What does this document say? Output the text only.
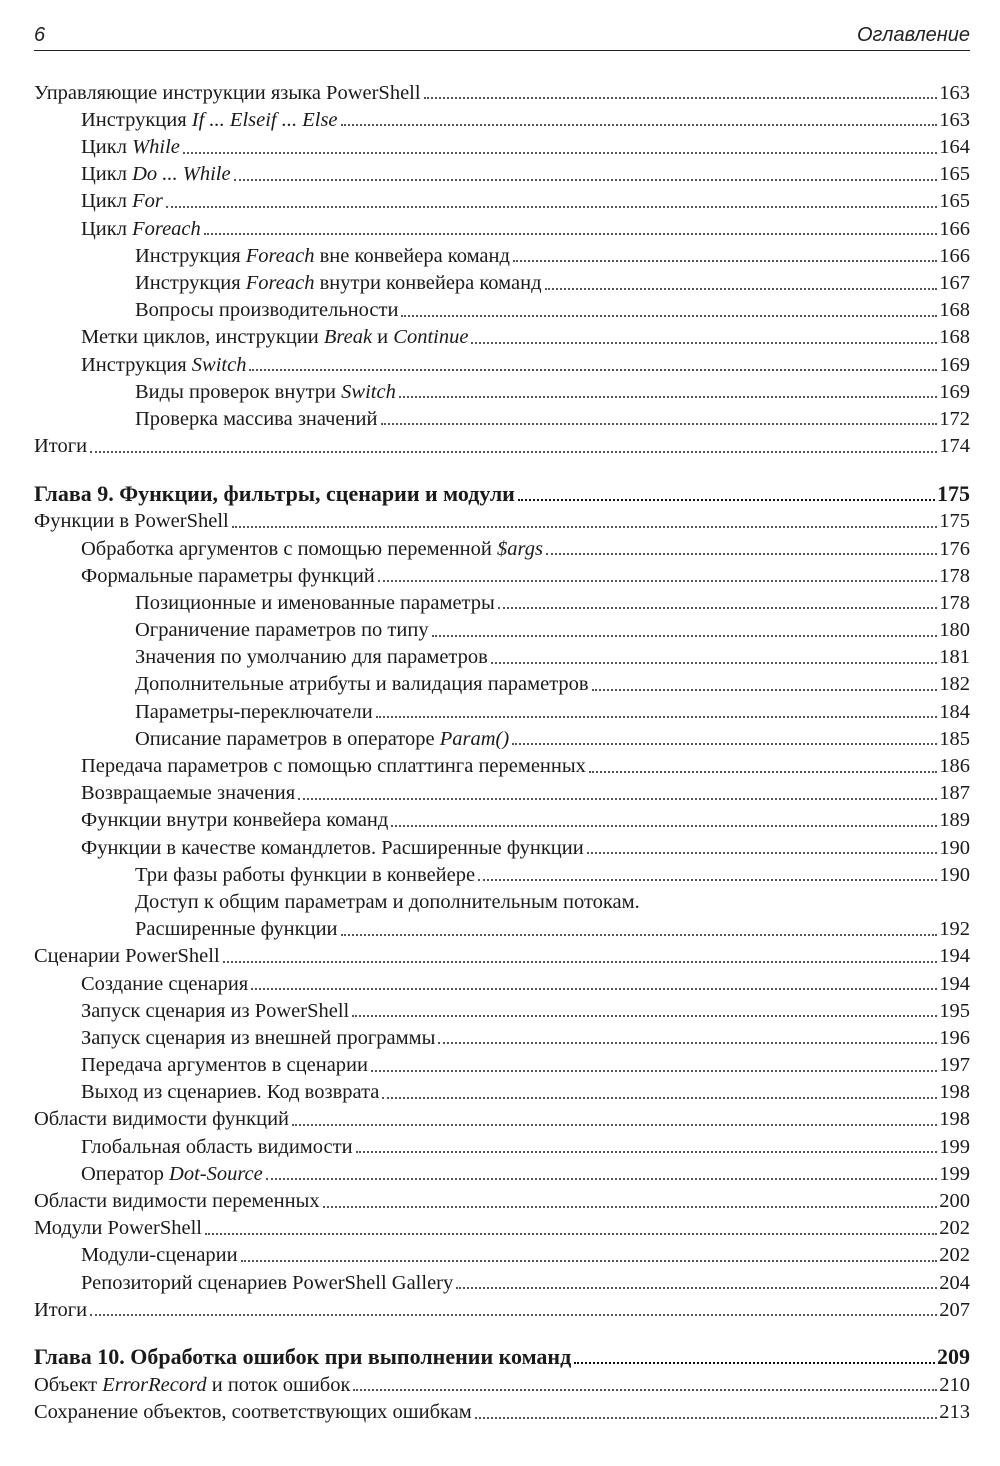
6	Оглавление
Управляющие инструкции языка PowerShell	163
Инструкция If ... Elseif ... Else	163
Цикл While	164
Цикл Do ... While	165
Цикл For	165
Цикл Foreach	166
Инструкция Foreach вне конвейера команд	166
Инструкция Foreach внутри конвейера команд	167
Вопросы производительности	168
Метки циклов, инструкции Break и Continue	168
Инструкция Switch	169
Виды проверок внутри Switch	169
Проверка массива значений	172
Итоги	174
Глава 9. Функции, фильтры, сценарии и модули	175
Функции в PowerShell	175
Обработка аргументов с помощью переменной $args	176
Формальные параметры функций	178
Позиционные и именованные параметры	178
Ограничение параметров по типу	180
Значения по умолчанию для параметров	181
Дополнительные атрибуты и валидация параметров	182
Параметры-переключатели	184
Описание параметров в операторе Param()	185
Передача параметров с помощью сплаттинга переменных	186
Возвращаемые значения	187
Функции внутри конвейера команд	189
Функции в качестве командлетов. Расширенные функции	190
Три фазы работы функции в конвейере	190
Доступ к общим параметрам и дополнительным потокам.
Расширенные функции	192
Сценарии PowerShell	194
Создание сценария	194
Запуск сценария из PowerShell	195
Запуск сценария из внешней программы	196
Передача аргументов в сценарии	197
Выход из сценариев. Код возврата	198
Области видимости функций	198
Глобальная область видимости	199
Оператор Dot-Source	199
Области видимости переменных	200
Модули PowerShell	202
Модули-сценарии	202
Репозиторий сценариев PowerShell Gallery	204
Итоги	207
Глава 10. Обработка ошибок при выполнении команд	209
Объект ErrorRecord и поток ошибок	210
Сохранение объектов, соответствующих ошибкам	213
